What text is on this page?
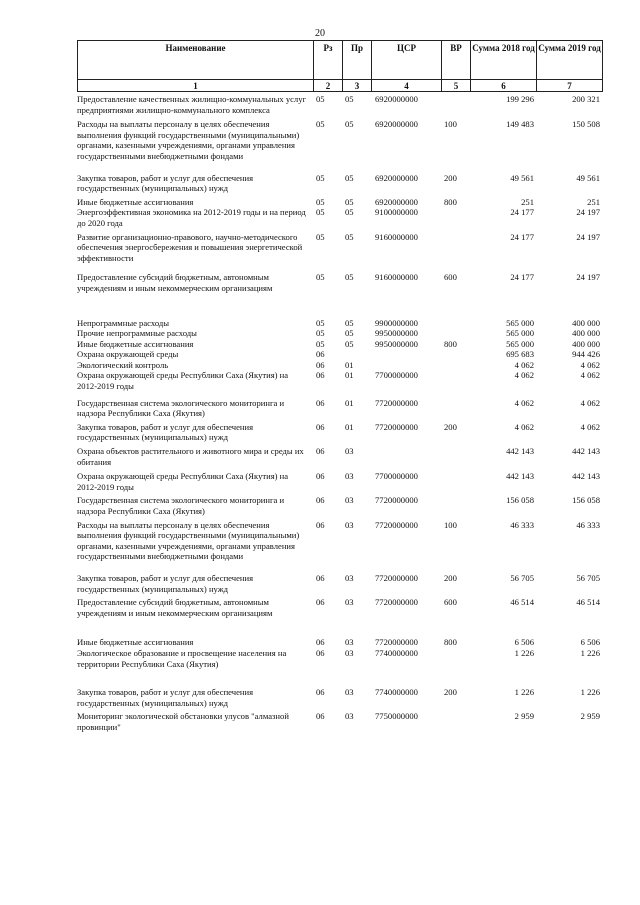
20
Наименование	Рз	Пр	ЦСР	ВР	Сумма 2018 год	Сумма 2019 год
1	2	3	4	5	6	7
Предоставление качественных жилищно-коммунальных услуг предприятиями жилищно-коммунального комплекса	05	05	6920000000		199 296	200 321

Расходы на выплаты персоналу в целях обеспечения выполнения функций государственными (муниципальными) органами, казенными учреждениями, органами управления государственными внебюджетными фондами	05	05	6920000000	100	149 483	150 508

Закупка товаров, работ и услуг для обеспечения государственных (муниципальных) нужд	05	05	6920000000	200	49 561	49 561

Иные бюджетные ассигнования	05	05	6920000000	800	251	251
Энергоэффективная экономика на 2012-2019 годы и на период до 2020 года	05	05	9100000000		24 177	24 197

Развитие организационно-правового, научно-методического обеспечения энергосбережения и повышения энергетической эффективности	05	05	9160000000		24 177	24 197

Предоставление субсидий бюджетным, автономным учреждениям и иным некоммерческим организациям	05	05	9160000000	600	24 177	24 197

Непрограммные расходы	05	05	9900000000		565 000	400 000
Прочие непрограммные расходы	05	05	9950000000		565 000	400 000
Иные бюджетные ассигнования	05	05	9950000000	800	565 000	400 000
Охрана окружающей среды	06				695 683	944 426
Экологический контроль	06	01			4 062	4 062
Охрана окружающей среды Республики Саха (Якутия) на 2012-2019 годы	06	01	7700000000		4 062	4 062

Государственная система экологического мониторинга и надзора Республики Саха (Якутия)	06	01	7720000000		4 062	4 062

Закупка товаров, работ и услуг для обеспечения государственных (муниципальных) нужд	06	01	7720000000	200	4 062	4 062

Охрана объектов растительного и животного мира и среды их обитания	06	03			442 143	442 143

Охрана окружающей среды Республики Саха (Якутия) на 2012-2019 годы	06	03	7700000000		442 143	442 143

Государственная система экологического мониторинга и надзора Республики Саха (Якутия)	06	03	7720000000		156 058	156 058

Расходы на выплаты персоналу в целях обеспечения выполнения функций государственными (муниципальными) органами, казенными учреждениями, органами управления государственными внебюджетными фондами	06	03	7720000000	100	46 333	46 333

Закупка товаров, работ и услуг для обеспечения государственных (муниципальных) нужд	06	03	7720000000	200	56 705	56 705

Предоставление субсидий бюджетным, автономным учреждениям и иным некоммерческим организациям	06	03	7720000000	600	46 514	46 514

Иные бюджетные ассигнования	06	03	7720000000	800	6 506	6 506
Экологическое образование и просвещение населения на территории Республики Саха (Якутия)	06	03	7740000000		1 226	1 226

Закупка товаров, работ и услуг для обеспечения государственных (муниципальных) нужд	06	03	7740000000	200	1 226	1 226

Мониторинг экологической обстановки улусов "алмазной провинции"	06	03	7750000000		2 959	2 959
